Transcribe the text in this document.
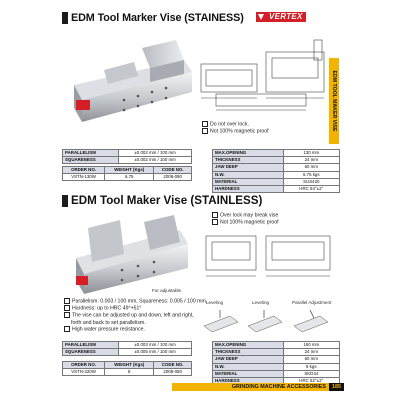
EDM Tool Marker Vise (STAINESS)	VERTEX
EDM TOOL MAKER VISE
Do not over lock.
Not 100% magnetic proof
PARALLELISM	±0.002 mm / 100 mm
SQUARENESS	±0.002 mm / 100 mm
ORDER NO.	WEIGHT (Kgs)	CODE NO.
VSTN-130W	6.75	2008-090
MAX.OPENING	130 mm
THICKNESS	24 mm
JAW DEEP	60 mm
N.W.	6.75 kgs
MATERIAL	SUS420
HARDNESS	HRC 54°±2°
EDM Tool Maker Vise (STAINLESS)
For adjustable
Over lock may break vise
Not 100% magnetic proof
Leveling	Leveling	Parallel Adjustment
Parallelism: 0.003 / 100 mm, Squareness: 0.005 / 100 mm.
Hardness: up to HRC 49°+51°
The vise can be adjusted up and down, left and right,
forth and back to set parallelism.
High water pressure resistance.
PARALLELISM	±0.003 mm / 100 mm
SQUARENESS	±0.005 mm / 100 mm
ORDER NO.	WEIGHT (Kgs)	CODE NO.
VSTN-320W	8	2008-050
MAX.OPENING	160 mm
THICKNESS	24 mm
JAW DEEP	60 mm
N.W.	8 kgs
MATERIAL	SKD44
HARDNESS	HRC 52°±2°
GRINDING MACHINE ACCESSORIES	185
